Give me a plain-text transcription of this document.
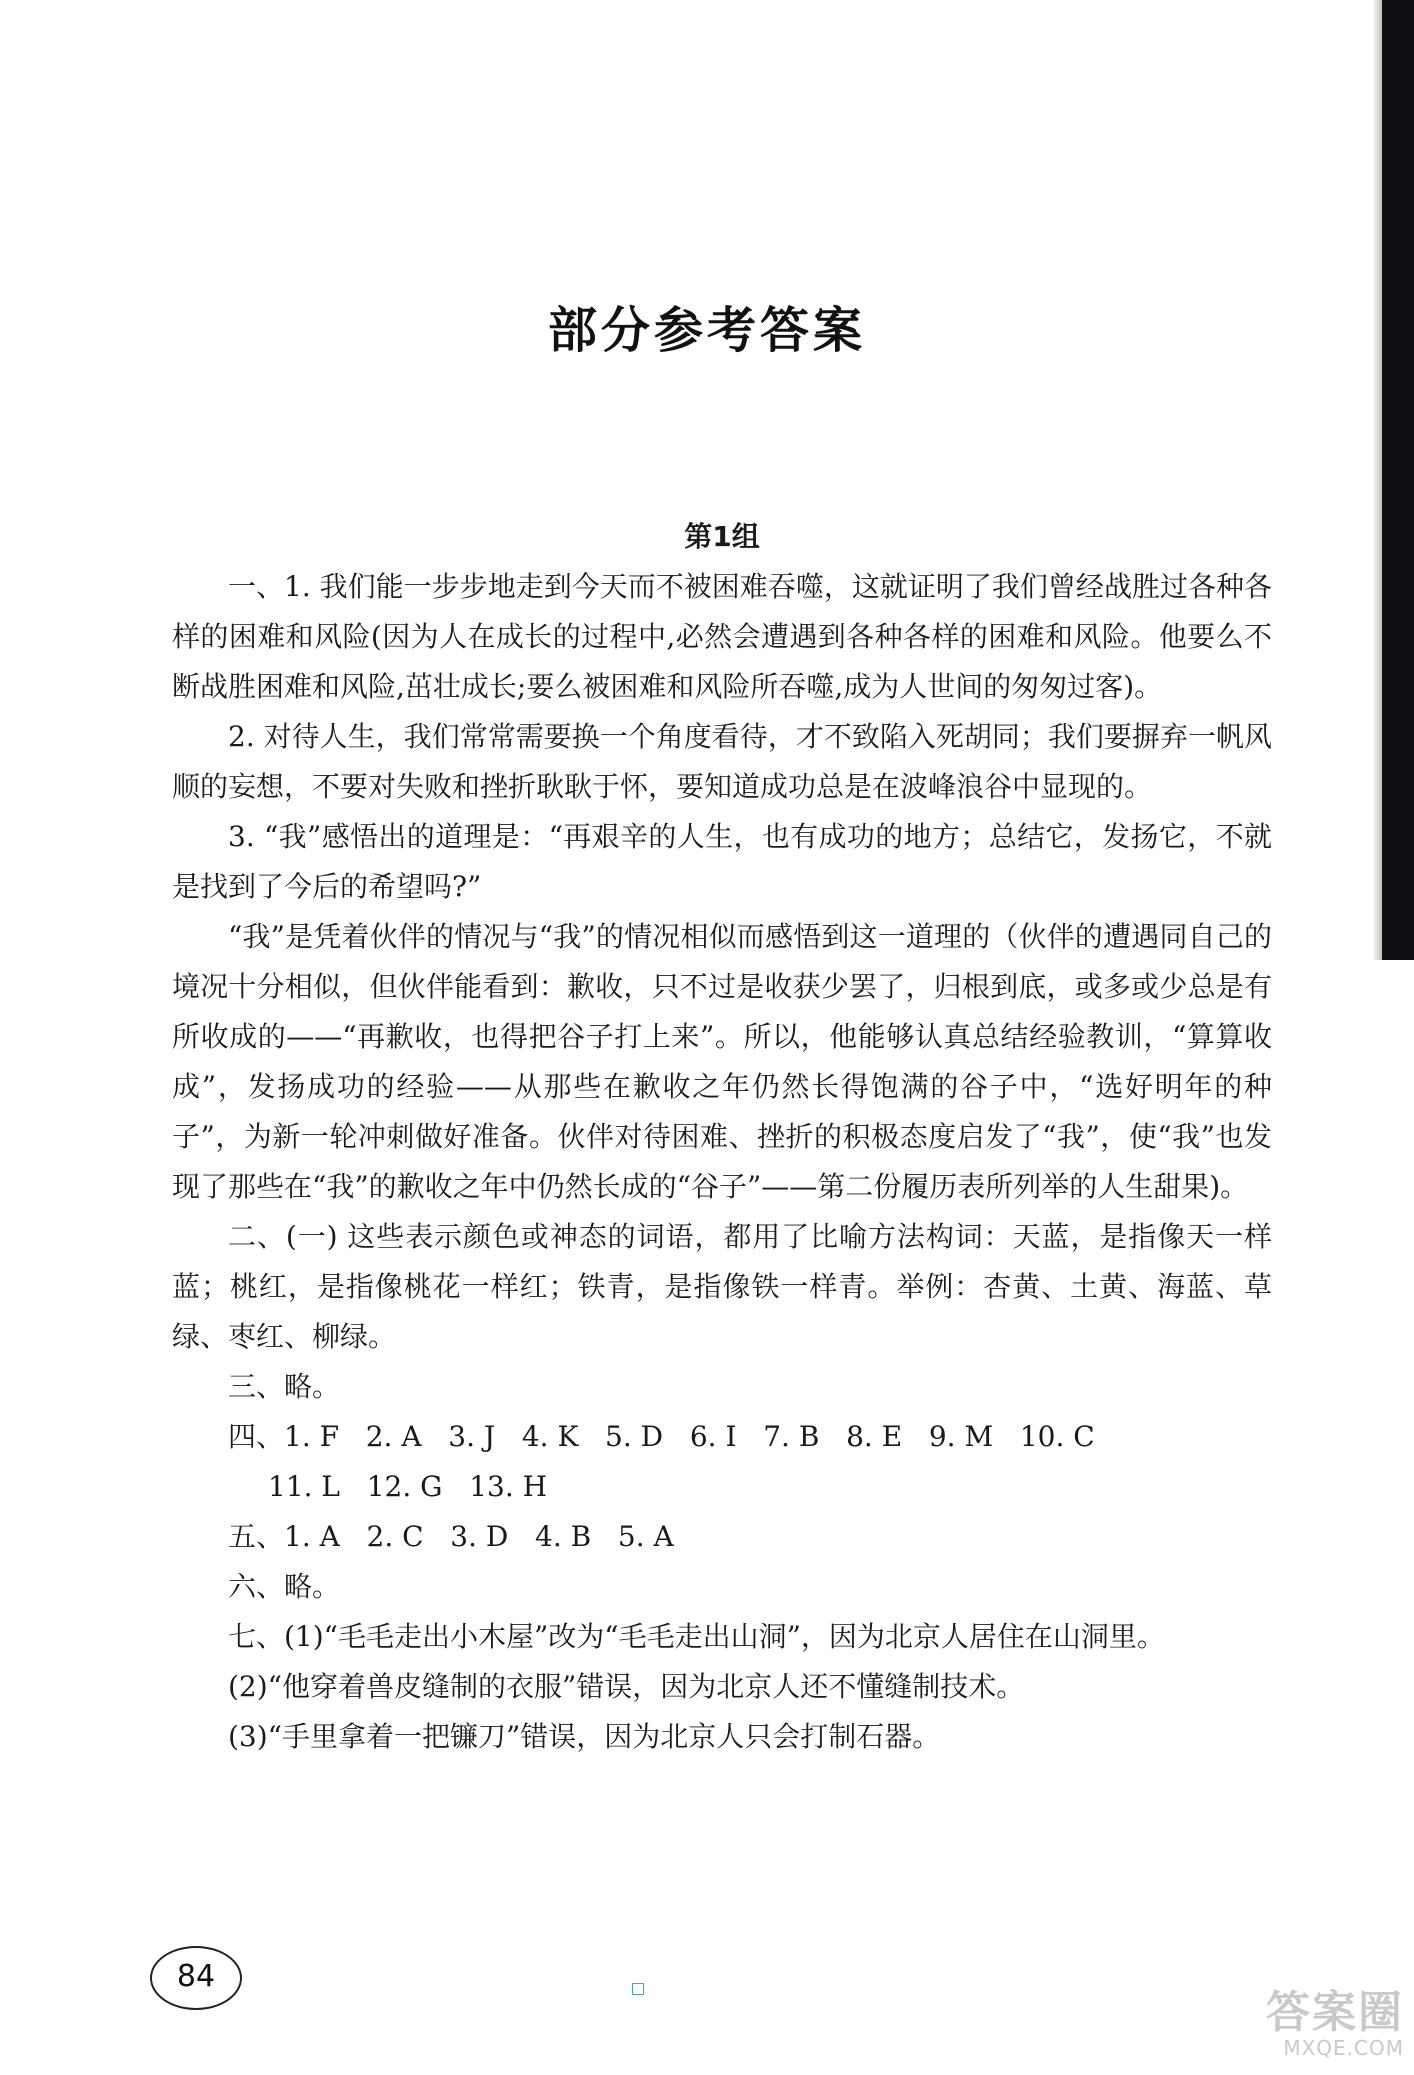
部分参考答案
第1组

一、1. 我们能一步步地走到今天而不被困难吞噬，这就证明了我们曾经战胜过各种各样的困难和风险(因为人在成长的过程中,必然会遭遇到各种各样的困难和风险。他要么不断战胜困难和风险,茁壮成长;要么被困难和风险所吞噬,成为人世间的匆匆过客)。

2. 对待人生，我们常常需要换一个角度看待，才不致陷入死胡同；我们要摒弃一帆风顺的妄想，不要对失败和挫折耿耿于怀，要知道成功总是在波峰浪谷中显现的。

3. “我”感悟出的道理是：“再艰辛的人生，也有成功的地方；总结它，发扬它，不就是找到了今后的希望吗?”

“我”是凭着伙伴的情况与“我”的情况相似而感悟到这一道理的（伙伴的遭遇同自己的境况十分相似，但伙伴能看到：歉收，只不过是收获少罢了，归根到底，或多或少总是有所收成的——“再歉收，也得把谷子打上来”。所以，他能够认真总结经验教训，“算算收成”，发扬成功的经验——从那些在歉收之年仍然长得饱满的谷子中，“选好明年的种子”，为新一轮冲刺做好准备。伙伴对待困难、挫折的积极态度启发了“我”，使“我”也发现了那些在“我”的歉收之年中仍然长成的“谷子”——第二份履历表所列举的人生甜果)。

二、(一) 这些表示颜色或神态的词语，都用了比喻方法构词：天蓝，是指像天一样蓝；桃红，是指像桃花一样红；铁青，是指像铁一样青。举例：杏黄、土黄、海蓝、草绿、枣红、柳绿。

三、略。

四、1. F   2. A   3. J   4. K   5. D   6. I   7. B   8. E   9. M   10. C

11. L   12. G   13. H

五、1. A   2. C   3. D   4. B   5. A

六、略。

七、(1)“毛毛走出小木屋”改为“毛毛走出山洞”，因为北京人居住在山洞里。

(2)“他穿着兽皮缝制的衣服”错误，因为北京人还不懂缝制技术。

(3)“手里拿着一把镰刀”错误，因为北京人只会打制石器。

84
答案圈
MXQE.COM
